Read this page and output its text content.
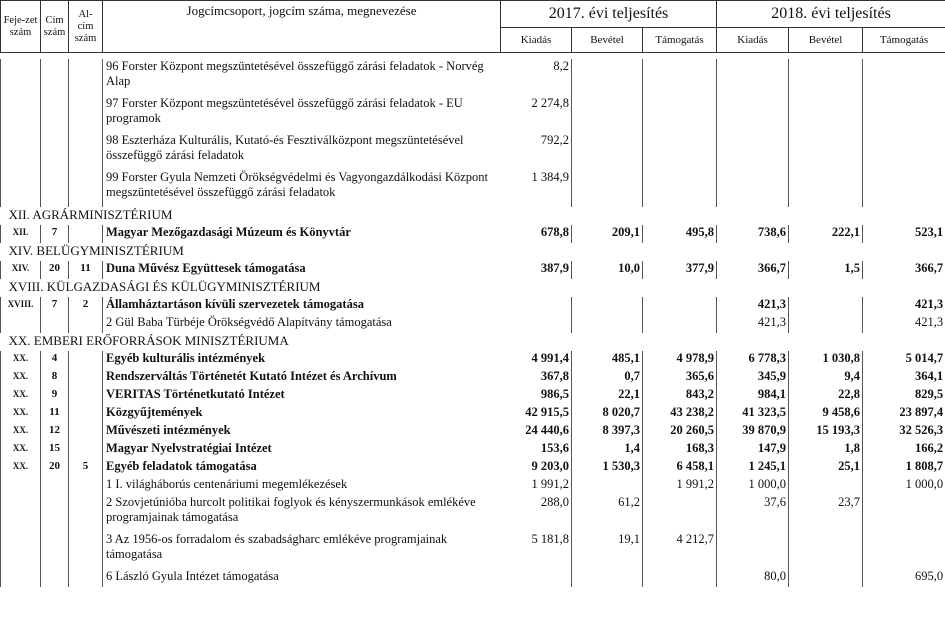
Feje-zet szám	Cím szám	Al-cím szám	Jogcímcsoport, jogcím száma, megnevezése	2017. évi teljesítés			2018. évi teljesítés		
				Kiadás	Bevétel	Támogatás	Kiadás	Bevétel	Támogatás

			96 Forster Központ megszüntetésével összefüggő zárási feladatok - Norvég Alap	8,2					
			97 Forster Központ megszüntetésével összefüggő zárási feladatok - EU programok	2 274,8					
			98 Eszterháza Kulturális, Kutató-és Fesztiválközpont megszüntetésével összefüggő zárási feladatok	792,2					
			99 Forster Gyula Nemzeti Örökségvédelmi és Vagyongazdálkodási Központ megszüntetésével összefüggő zárási feladatok	1 384,9					
XII. AGRÁRMINISZTÉRIUM									
XII.	7		Magyar Mezőgazdasági Múzeum és Könyvtár	678,8	209,1	495,8	738,6	222,1	523,1
XIV. BELÜGYMINISZTÉRIUM									
XIV.	20	11	Duna Művész Együttesek támogatása	387,9	10,0	377,9	366,7	1,5	366,7
XVIII. KÜLGAZDASÁGI ÉS KÜLÜGYMINISZTÉRIUM									
XVIII.	7	2	Államháztartáson kívüli szervezetek támogatása				421,3		421,3
			2 Gül Baba Türbéje Örökségvédő Alapítvány támogatása				421,3		421,3
XX. EMBERI ERŐFORRÁSOK MINISZTÉRIUMA									
XX.	4		Egyéb kulturális intézmények	4 991,4	485,1	4 978,9	6 778,3	1 030,8	5 014,7
XX.	8		Rendszerváltás Történetét Kutató Intézet és Archívum	367,8	0,7	365,6	345,9	9,4	364,1
XX.	9		VERITAS Történetkutató Intézet	986,5	22,1	843,2	984,1	22,8	829,5
XX.	11		Közgyűjtemények	42 915,5	8 020,7	43 238,2	41 323,5	9 458,6	23 897,4
XX.	12		Művészeti intézmények	24 440,6	8 397,3	20 260,5	39 870,9	15 193,3	32 526,3
XX.	15		Magyar Nyelvstratégiai Intézet	153,6	1,4	168,3	147,9	1,8	166,2
XX.	20	5	Egyéb feladatok támogatása	9 203,0	1 530,3	6 458,1	1 245,1	25,1	1 808,7
			1 I. világháborús centenáriumi megemlékezések	1 991,2		1 991,2	1 000,0		1 000,0
			2 Szovjetúnióba hurcolt politikai foglyok és kényszermunkások emlékéve programjainak támogatása	288,0	61,2		37,6	23,7	
			3 Az 1956-os forradalom és szabadságharc emlékéve programjainak támogatása	5 181,8	19,1	4 212,7			
			6 László Gyula Intézet támogatása				80,0		695,0
